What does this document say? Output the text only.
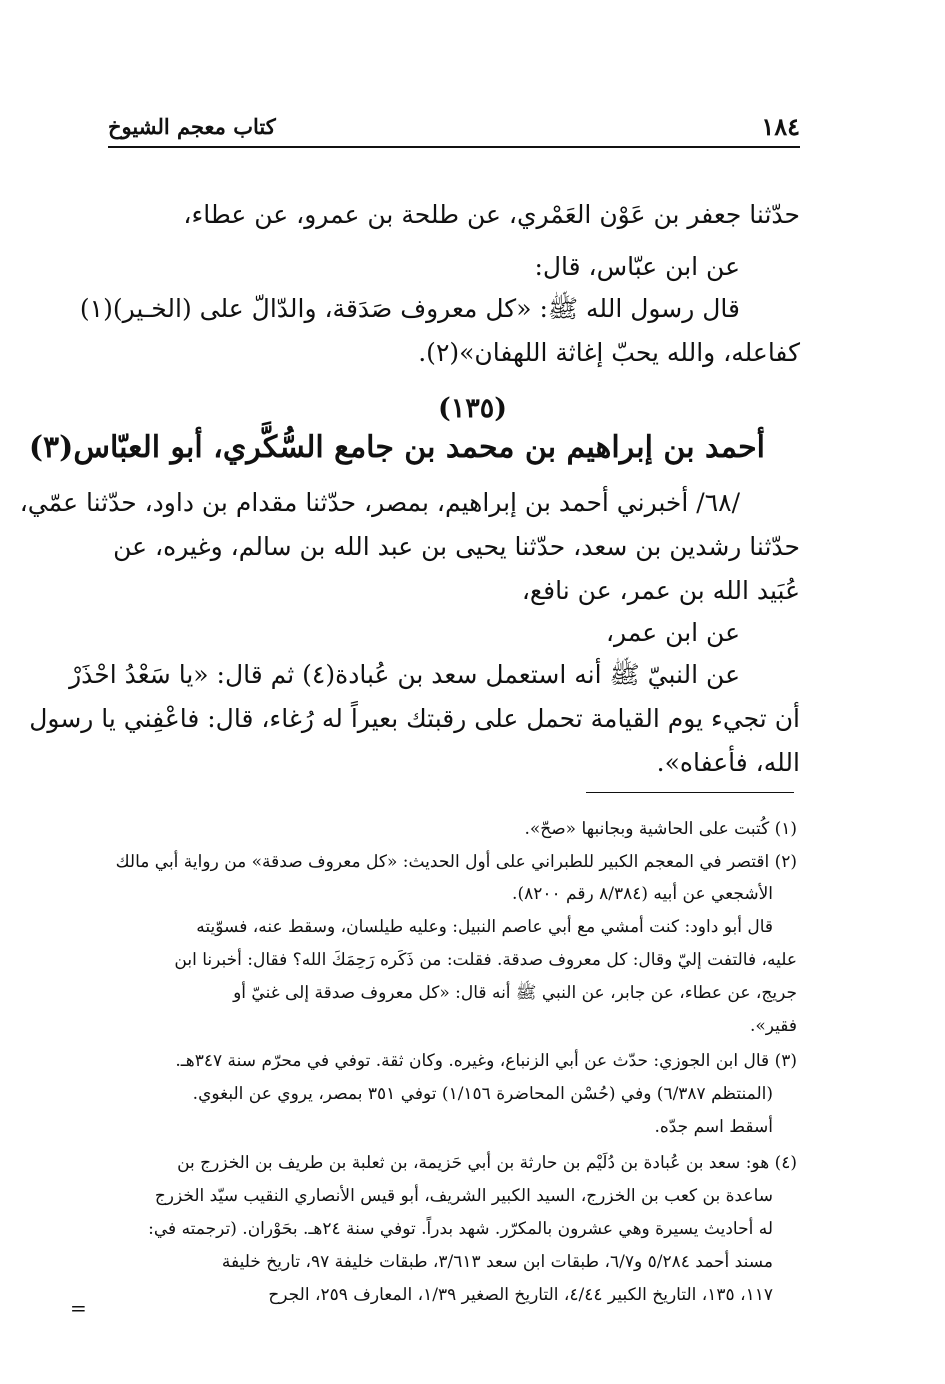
١٨٤
كتاب معجم الشيوخ
حدّثنا جعفر بن عَوْن العَمْري، عن طلحة بن عمرو، عن عطاء،
عن ابن عبّاس، قال:
قال رسول الله ﷺ: «كل معروف صَدَقة، والدّالّ على (الخـير)(١)
كفاعله، والله يحبّ إغاثة اللهفان»(٢).
(١٣٥)
أحمد بن إبراهيم بن محمد بن جامع السُّكَّري، أبو العبّاس(٣)
/٦٨/ أخبرني أحمد بن إبراهيم، بمصر، حدّثنا مقدام بن داود، حدّثنا عمّي،
حدّثنا رشدين بن سعد، حدّثنا يحيى بن عبد الله بن سالم، وغيره، عن
عُبَيد الله بن عمر، عن نافع،
عن ابن عمر،
عن النبيّ ﷺ أنه استعمل سعد بن عُبادة(٤) ثم قال: «يا سَعْدُ احْذَرْ
أن تجيء يوم القيامة تحمل على رقبتك بعيراً له رُغاء، قال: فاعْفِني يا رسول
الله، فأعفاه».
(١) كُتبت على الحاشية وبجانبها «صحّ».
(٢) اقتصر في المعجم الكبير للطبراني على أول الحديث: «كل معروف صدقة» من رواية أبي مالك
الأشجعي عن أبيه (٨/٣٨٤ رقم ٨٢٠٠).
قال أبو داود: كنت أمشي مع أبي عاصم النبيل: وعليه طيلسان، وسقط عنه، فسوّيته
عليه، فالتفت إليّ وقال: كل معروف صدقة. فقلت: من ذَكَره رَحِمَكَ الله؟ فقال: أخبرنا ابن
جريج، عن عطاء، عن جابر، عن النبي ﷺ أنه قال: «كل معروف صدقة إلى غنيّ أو
فقير».
(٣) قال ابن الجوزي: حدّث عن أبي الزنباع، وغيره. وكان ثقة. توفي في محرّم سنة ٣٤٧هـ.
(المنتظم ٦/٣٨٧) وفي (حُسْن المحاضرة ١/١٥٦) توفي ٣٥١ بمصر، يروي عن البغوي.
أسقط اسم جدّه.
(٤) هو: سعد بن عُبادة بن دُلَيْم بن حارثة بن أبي حَزيمة، بن ثعلبة بن طريف بن الخزرج بن
ساعدة بن كعب بن الخزرج، السيد الكبير الشريف، أبو قيس الأنصاري النقيب سيّد الخزرج
له أحاديث يسيرة وهي عشرون بالمكرّر. شهد بدراً. توفي سنة ٢٤هـ. بحَوْران. (ترجمته في:
مسند أحمد ٥/٢٨٤ و٦/٧، طبقات ابن سعد ٣/٦١٣، طبقات خليفة ٩٧، تاريخ خليفة
١١٧، ١٣٥، التاريخ الكبير ٤/٤٤، التاريخ الصغير ١/٣٩، المعارف ٢٥٩، الجرح
=
